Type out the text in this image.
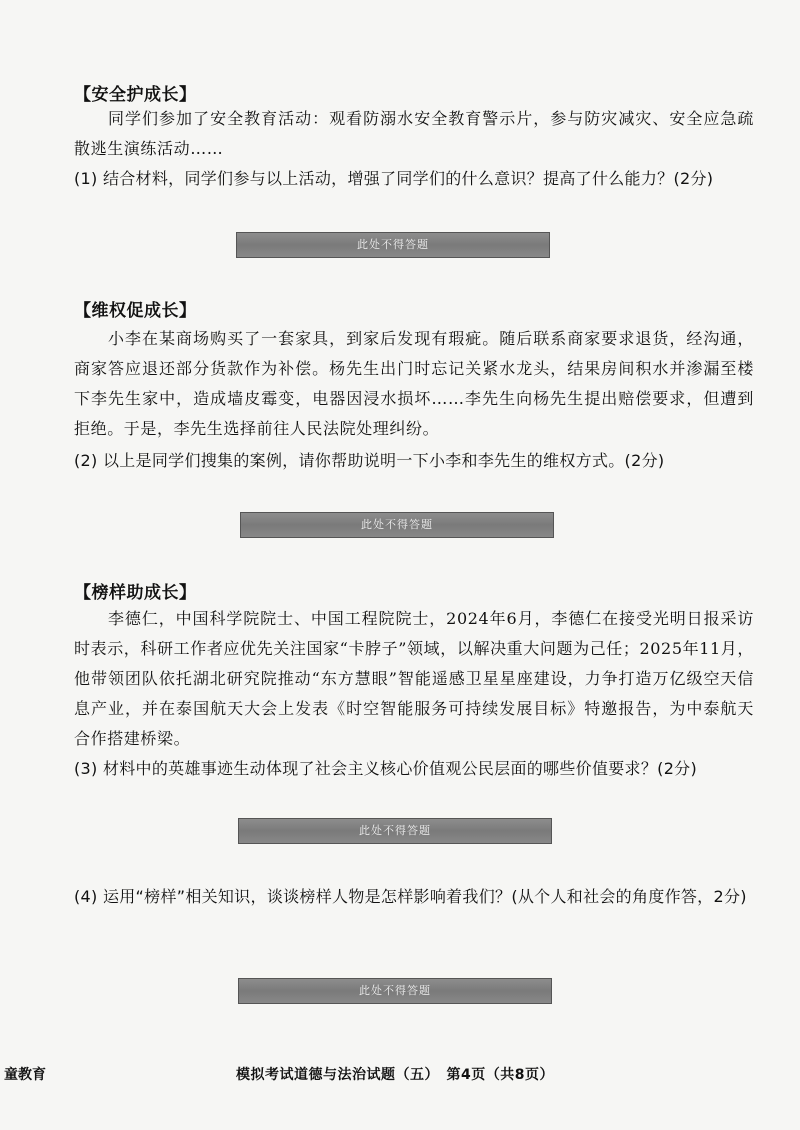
【安全护成长】
同学们参加了安全教育活动：观看防溺水安全教育警示片，参与防灾减灾、安全应急疏散逃生演练活动……
(1) 结合材料，同学们参与以上活动，增强了同学们的什么意识？提高了什么能力？(2分)
此处不得答题
【维权促成长】
小李在某商场购买了一套家具，到家后发现有瑕疵。随后联系商家要求退货，经沟通，商家答应退还部分货款作为补偿。杨先生出门时忘记关紧水龙头，结果房间积水并渗漏至楼下李先生家中，造成墙皮霉变，电器因浸水损坏……李先生向杨先生提出赔偿要求，但遭到拒绝。于是，李先生选择前往人民法院处理纠纷。
(2) 以上是同学们搜集的案例，请你帮助说明一下小李和李先生的维权方式。(2分)
此处不得答题
【榜样助成长】
李德仁，中国科学院院士、中国工程院院士，2024年6月，李德仁在接受光明日报采访时表示，科研工作者应优先关注国家“卡脖子”领域，以解决重大问题为己任；2025年11月，他带领团队依托湖北研究院推动“东方慧眼”智能遥感卫星星座建设，力争打造万亿级空天信息产业，并在泰国航天大会上发表《时空智能服务可持续发展目标》特邀报告，为中泰航天合作搭建桥梁。
(3) 材料中的英雄事迹生动体现了社会主义核心价值观公民层面的哪些价值要求？(2分)
此处不得答题
(4) 运用“榜样”相关知识，谈谈榜样人物是怎样影响着我们？(从个人和社会的角度作答，2分)
此处不得答题
童教育	模拟考试道德与法治试题（五）　第4页（共8页）
